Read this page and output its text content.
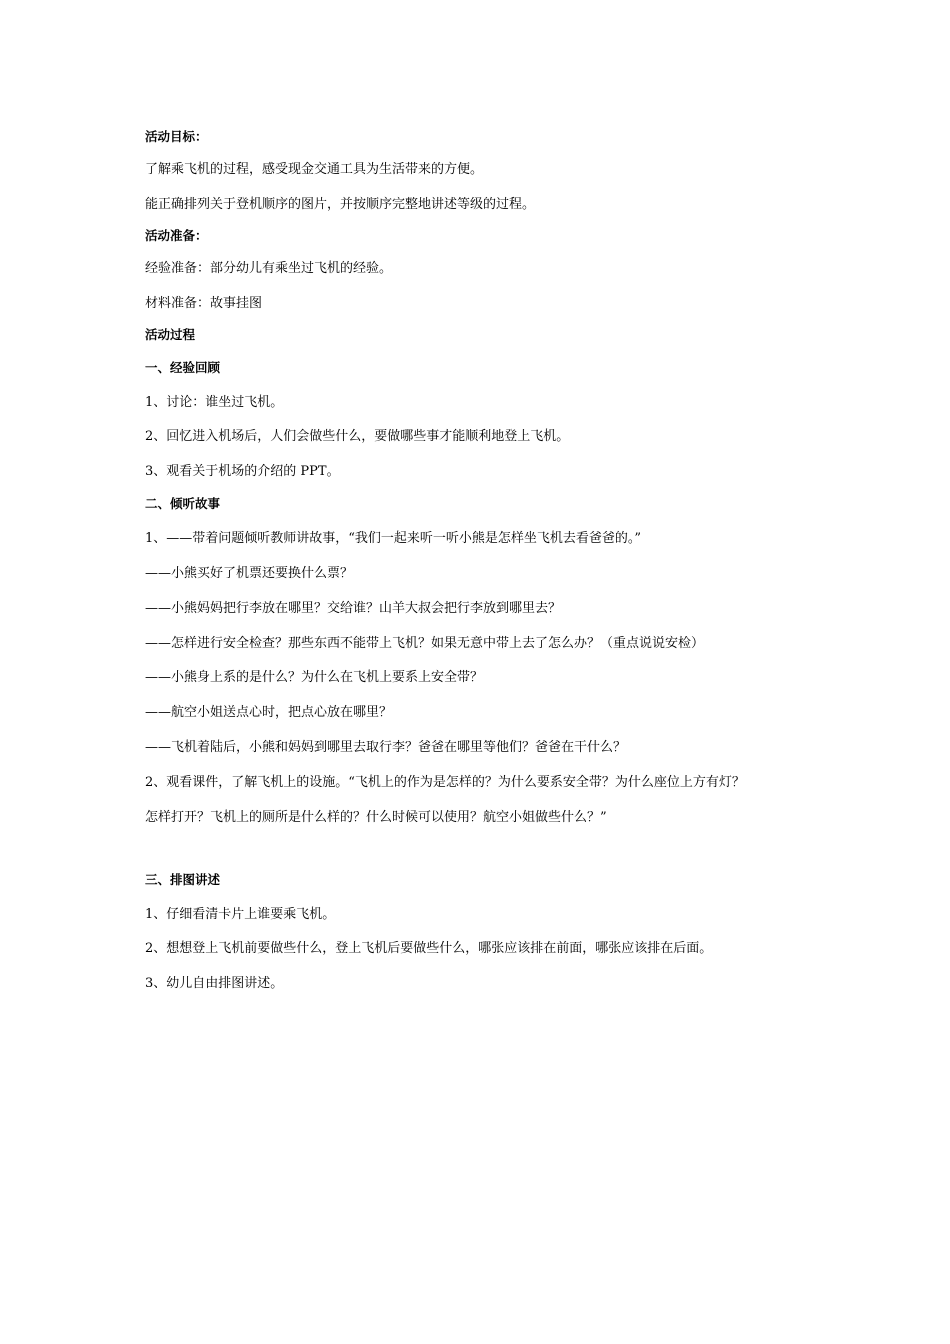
活动目标：
了解乘飞机的过程，感受现金交通工具为生活带来的方便。
能正确排列关于登机顺序的图片，并按顺序完整地讲述等级的过程。
活动准备：
经验准备：部分幼儿有乘坐过飞机的经验。
材料准备：故事挂图
活动过程
一、经验回顾
1、讨论：谁坐过飞机。
2、回忆进入机场后，人们会做些什么，要做哪些事才能顺利地登上飞机。
3、观看关于机场的介绍的 PPT。
二、倾听故事
1、——带着问题倾听教师讲故事，“我们一起来听一听小熊是怎样坐飞机去看爸爸的。”
——小熊买好了机票还要换什么票？
——小熊妈妈把行李放在哪里？交给谁？山羊大叔会把行李放到哪里去？
——怎样进行安全检查？那些东西不能带上飞机？如果无意中带上去了怎么办？（重点说说安检）
——小熊身上系的是什么？为什么在飞机上要系上安全带？
——航空小姐送点心时，把点心放在哪里？
——飞机着陆后，小熊和妈妈到哪里去取行李？爸爸在哪里等他们？爸爸在干什么？
2、观看课件，了解飞机上的设施。“飞机上的作为是怎样的？为什么要系安全带？为什么座位上方有灯？
怎样打开？飞机上的厕所是什么样的？什么时候可以使用？航空小姐做些什么？”
三、排图讲述
1、仔细看清卡片上谁要乘飞机。
2、想想登上飞机前要做些什么，登上飞机后要做些什么，哪张应该排在前面，哪张应该排在后面。
3、幼儿自由排图讲述。
